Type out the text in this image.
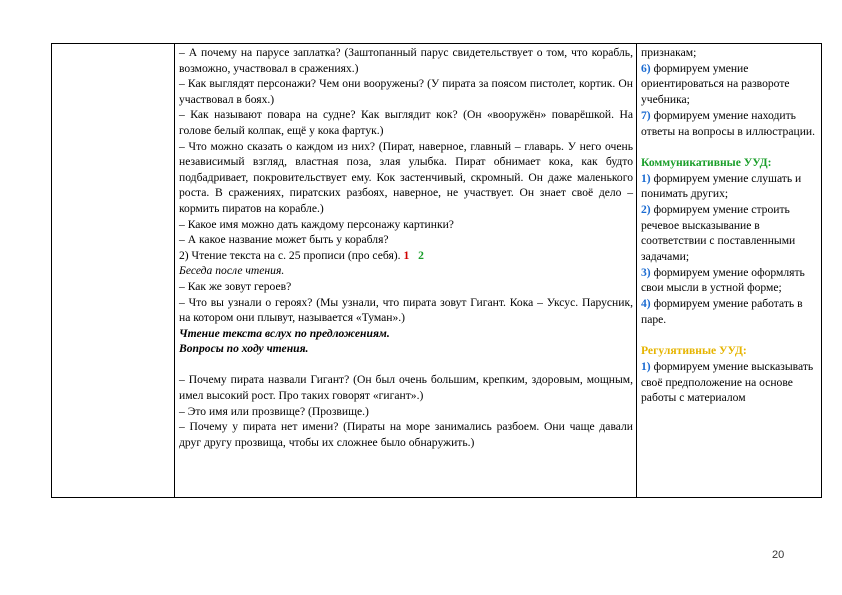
– А почему на парусе заплатка? (Заштопанный парус свидетельствует о том, что корабль, возможно, участвовал в сражениях.)

– Как выглядят персонажи? Чем они вооружены? (У пирата за поясом пистолет, кортик. Он участвовал в боях.)

– Как называют повара на судне? Как выглядит кок? (Он «вооружён» поварёшкой. На голове белый колпак, ещё у кока фартук.)

– Что можно сказать о каждом из них? (Пират, наверное, главный – главарь. У него очень независимый взгляд, властная поза, злая улыбка. Пират обнимает кока, как будто подбадривает, покровительствует ему. Кок застенчивый, скромный. Он даже маленького роста. В сражениях, пиратских разбоях, наверное, не участвует. Он знает своё дело – кормить пиратов на корабле.)

– Какое имя можно дать каждому персонажу картинки?

– А какое название может быть у корабля?

2) Чтение текста на с. 25 прописи (про себя). 1 2

Беседа после чтения.

– Как же зовут героев?

– Что вы узнали о героях? (Мы узнали, что пирата зовут Гигант. Кока – Уксус. Парусник, на котором они плывут, называется «Туман».)

Чтение текста вслух по предложениям.

Вопросы по ходу чтения.

– Почему пирата назвали Гигант? (Он был очень большим, крепким, здоровым, мощным, имел высокий рост. Про таких говорят «гигант».)

– Это имя или прозвище? (Прозвище.)

– Почему у пирата нет имени? (Пираты на море занимались разбоем. Они чаще давали друг другу прозвища, чтобы их сложнее было обнаружить.)

признакам;

6) формируем умение ориентироваться на развороте учебника;

7) формируем умение находить ответы на вопросы в иллюстрации.

Коммуникативные УУД:

1) формируем умение слушать и понимать других;

2) формируем умение строить речевое высказывание в соответствии с поставленными задачами;

3) формируем умение оформлять свои мысли в устной форме;

4) формируем умение работать в паре.

Регулятивные УУД:

1) формируем умение высказывать своё предположение на основе работы с материалом

20
